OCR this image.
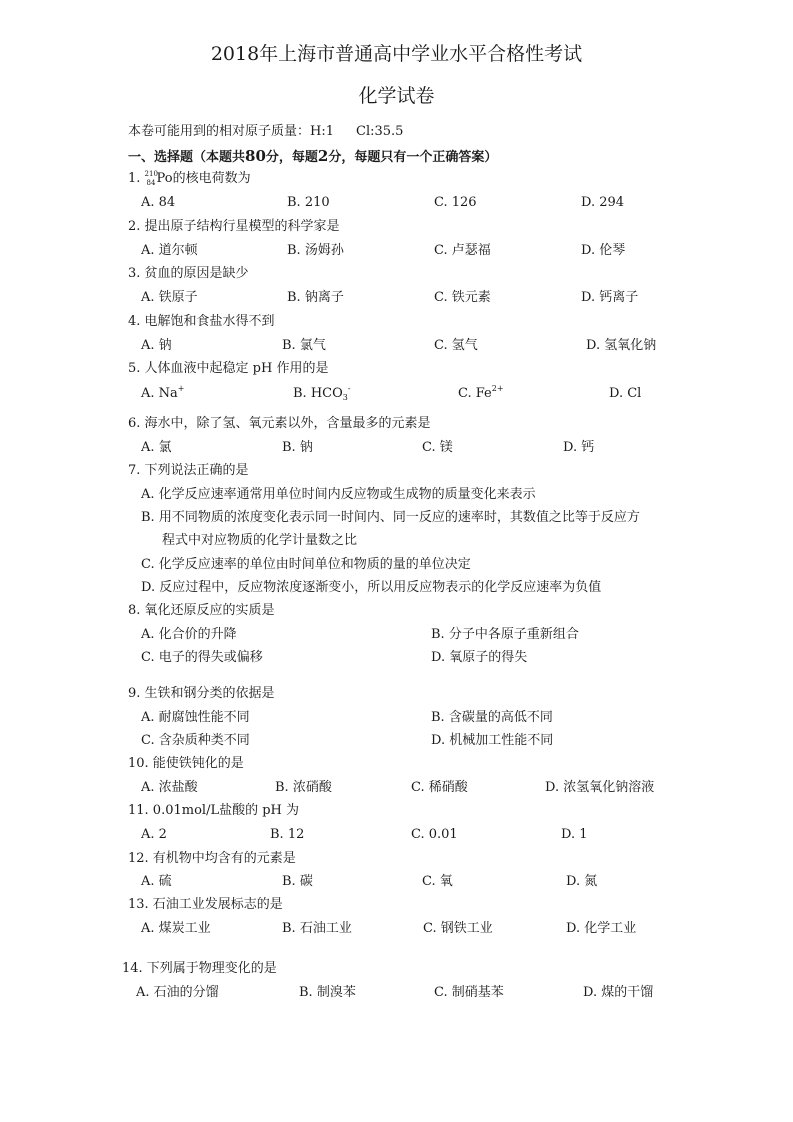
2018年上海市普通高中学业水平合格性考试
化学试卷
本卷可能用到的相对原子质量：H:1 Cl:35.5
一、选择题（本题共80分，每题2分，每题只有一个正确答案）
1. 210
84 Po的核电荷数为
A. 84	B. 210	C. 126	D. 294
2. 提出原子结构行星模型的科学家是
A. 道尔顿	B. 汤姆孙	C. 卢瑟福	D. 伦琴
3. 贫血的原因是缺少
A. 铁原子	B. 钠离子	C. 铁元素	D. 钙离子
4. 电解饱和食盐水得不到
A. 钠	B. 氯气	C. 氢气	D. 氢氧化钠
5. 人体血液中起稳定 pH 作用的是
A. Na+	B. $HCO_3^-$	C. $Fe^{2+}$	D. Cl
6. 海水中，除了氢、氧元素以外，含量最多的元素是
A. 氯	B. 钠	C. 镁	D. 钙
7. 下列说法正确的是
A. 化学反应速率通常用单位时间内反应物或生成物的质量变化来表示
B. 用不同物质的浓度变化表示同一时间内、同一反应的速率时，其数值之比等于反应方
程式中对应物质的化学计量数之比
C. 化学反应速率的单位由时间单位和物质的量的单位决定
D. 反应过程中，反应物浓度逐渐变小，所以用反应物表示的化学反应速率为负值
8. 氧化还原反应的实质是
A. 化合价的升降	B. 分子中各原子重新组合
C. 电子的得失或偏移	D. 氧原子的得失
9. 生铁和钢分类的依据是
A. 耐腐蚀性能不同	B. 含碳量的高低不同
C. 含杂质种类不同	D. 机械加工性能不同
10. 能使铁钝化的是
A. 浓盐酸	B. 浓硝酸	C. 稀硝酸	D. 浓氢氧化钠溶液
11. 0.01mol/L盐酸的 pH 为
A. 2	B. 12	C. 0.01	D. 1
12. 有机物中均含有的元素是
A. 硫	B. 碳	C. 氧	D. 氮
13. 石油工业发展标志的是
A. 煤炭工业	B. 石油工业	C. 钢铁工业	D. 化学工业
14. 下列属于物理变化的是
A. 石油的分馏	B. 制溴苯	C. 制硝基苯	D. 煤的干馏
